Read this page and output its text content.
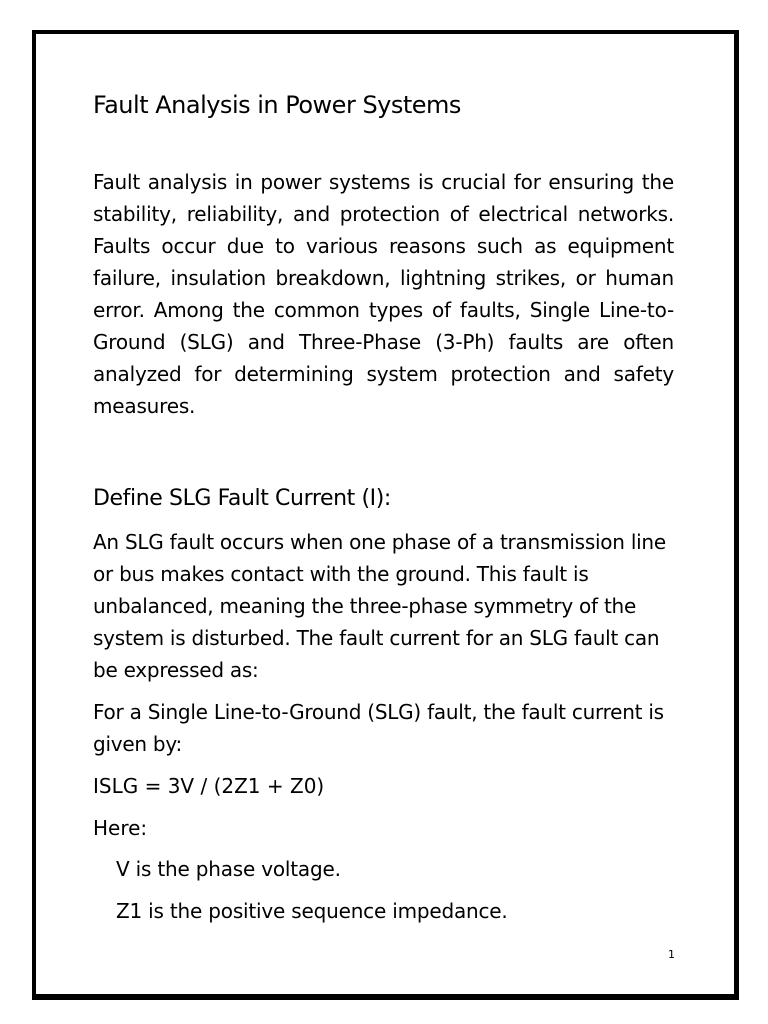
Fault Analysis in Power Systems

Fault analysis in power systems is crucial for ensuring the stability, reliability, and protection of electrical networks. Faults occur due to various reasons such as equipment failure, insulation breakdown, lightning strikes, or human error. Among the common types of faults, Single Line-to-Ground (SLG) and Three-Phase (3-Ph) faults are often analyzed for determining system protection and safety measures.

Define SLG Fault Current (I):

An SLG fault occurs when one phase of a transmission line or bus makes contact with the ground. This fault is unbalanced, meaning the three-phase symmetry of the system is disturbed. The fault current for an SLG fault can be expressed as:

For a Single Line-to-Ground (SLG) fault, the fault current is given by:

ISLG = 3V / (2Z1 + Z0)

Here:

V is the phase voltage.

Z1 is the positive sequence impedance.

1
